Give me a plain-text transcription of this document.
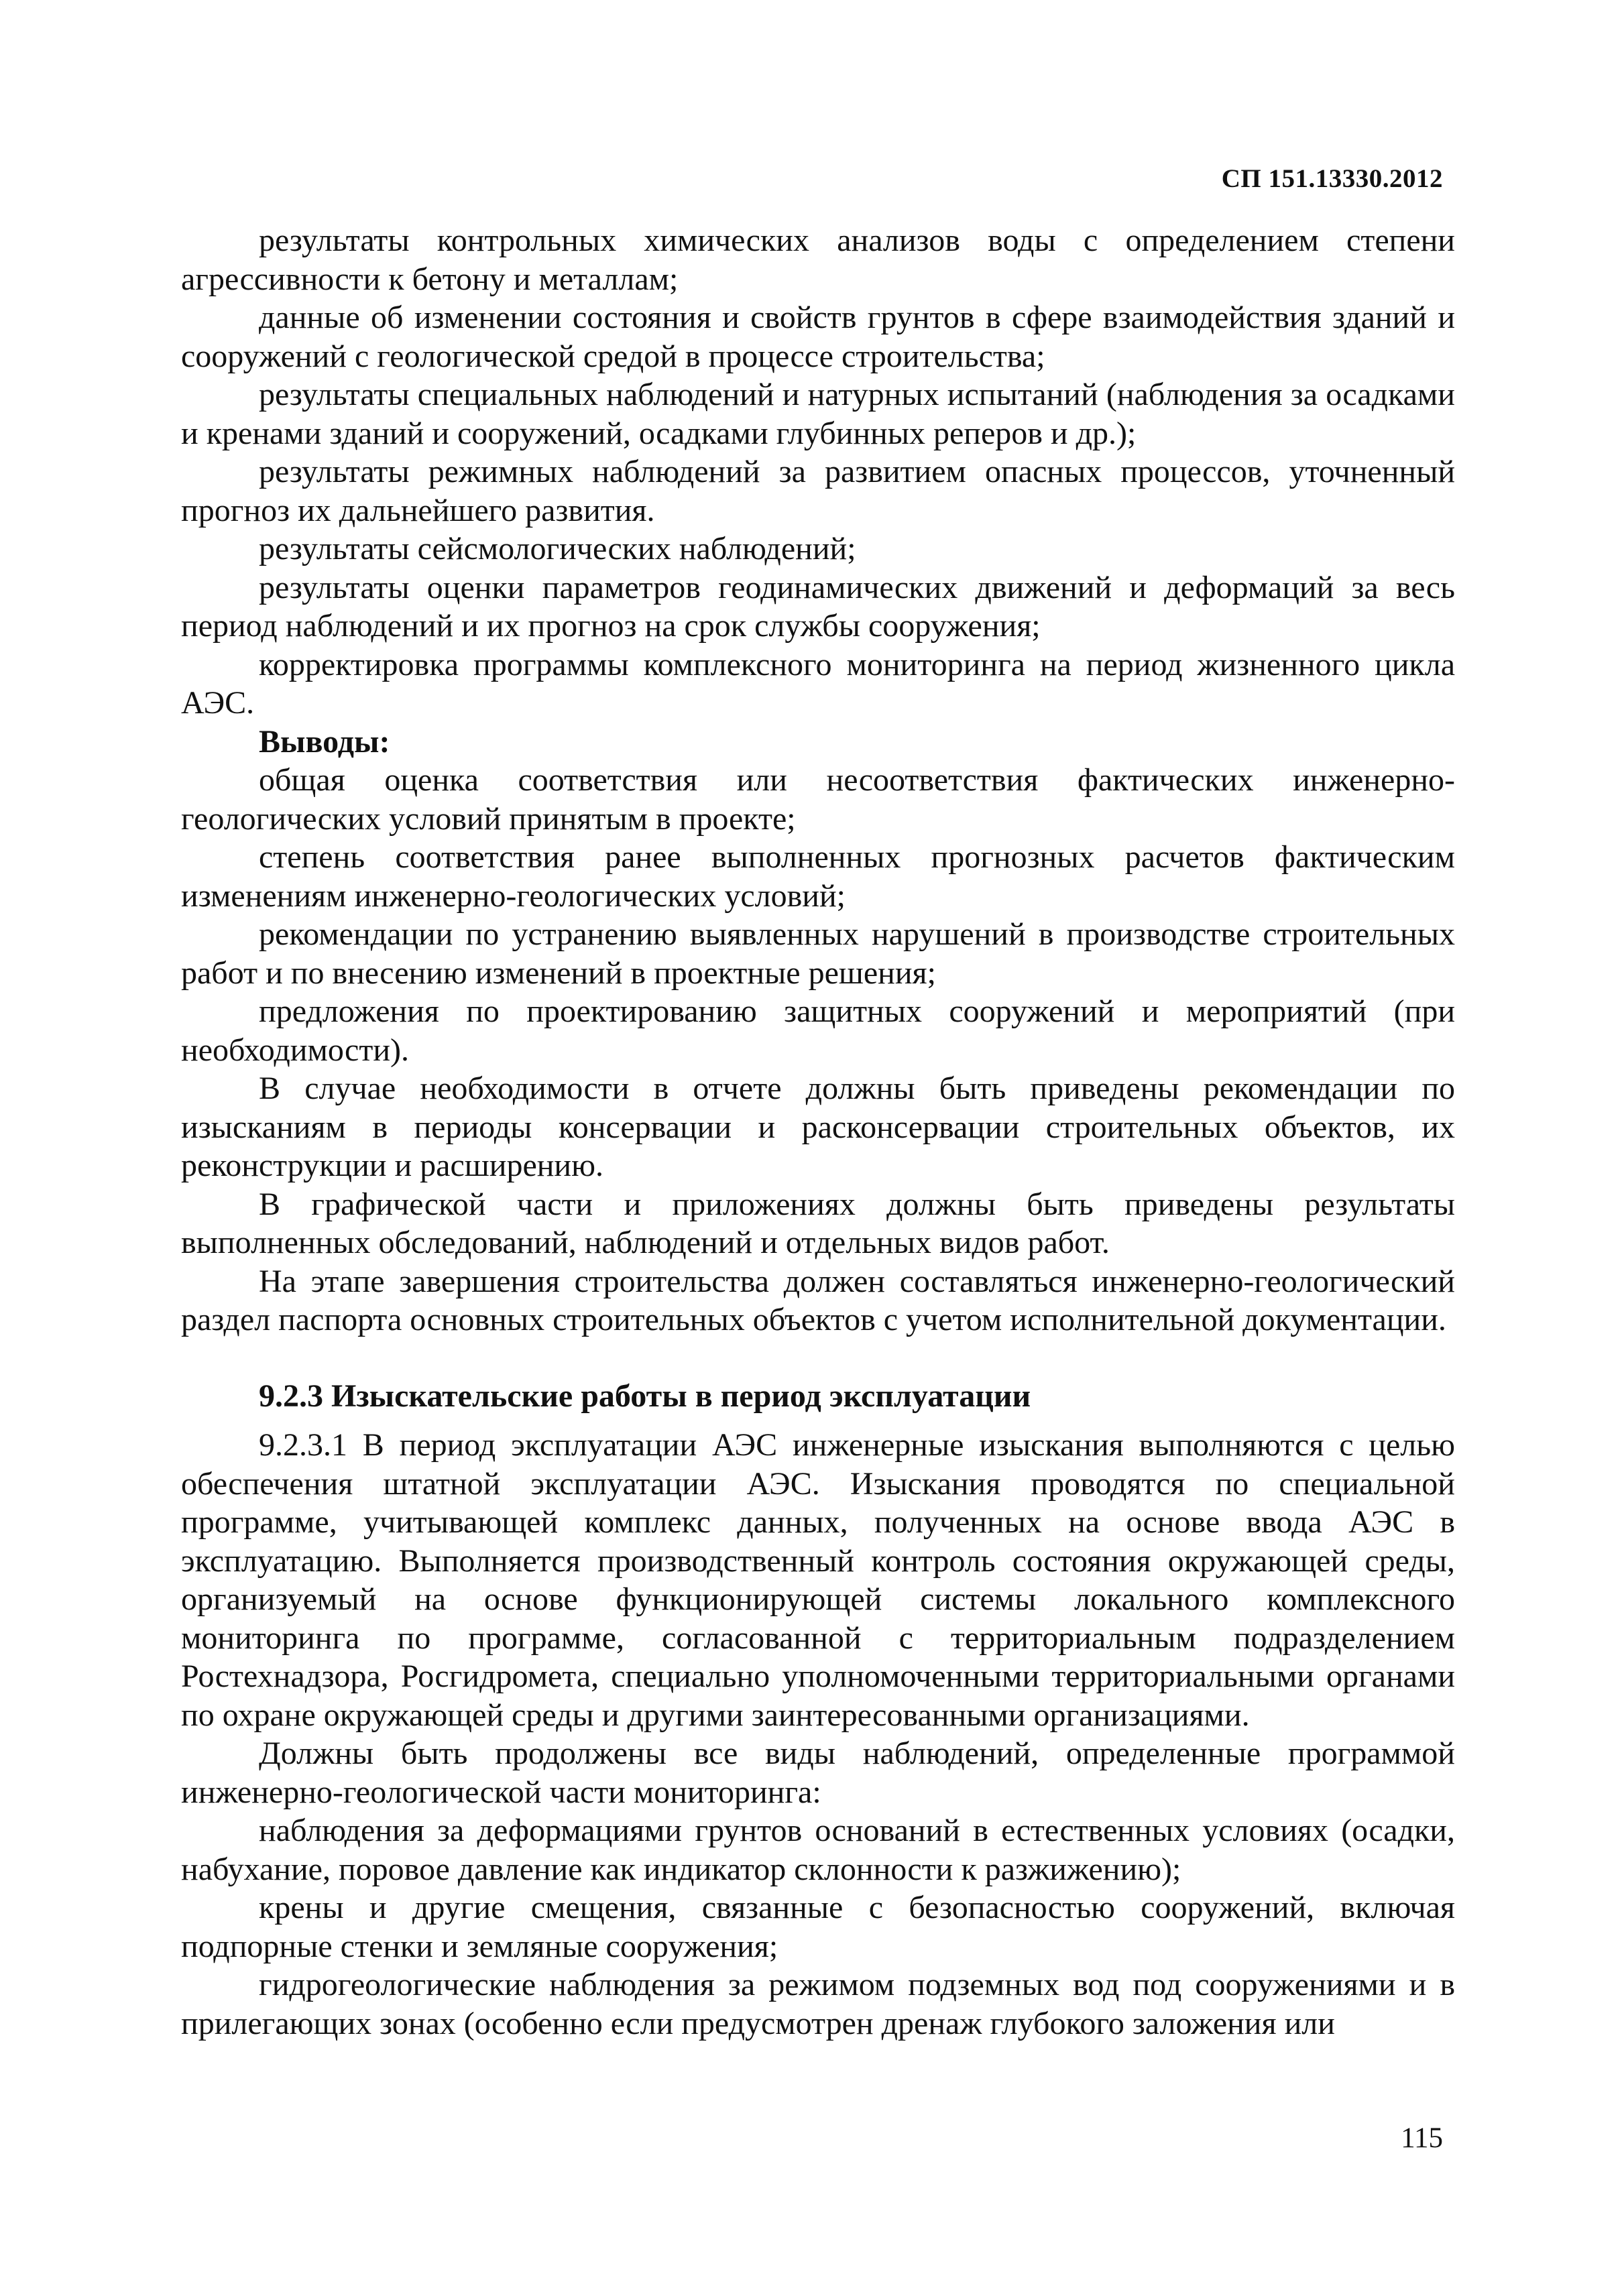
СП 151.13330.2012

результаты контрольных химических анализов воды с определением степени агрессивности к бетону и металлам;

данные об изменении состояния и свойств грунтов в сфере взаимодействия зданий и сооружений с геологической средой в процессе строительства;

результаты специальных наблюдений и натурных испытаний (наблюдения за осадками и кренами зданий и сооружений, осадками глубинных реперов и др.);

результаты режимных наблюдений за развитием опасных процессов, уточненный прогноз их дальнейшего развития.

результаты сейсмологических наблюдений;

результаты оценки параметров геодинамических движений и деформаций за весь период наблюдений и их прогноз на срок службы сооружения;

корректировка программы комплексного мониторинга на период жизненного цикла АЭС.

Выводы:

общая оценка соответствия или несоответствия фактических инженерно-геологических условий принятым в проекте;

степень соответствия ранее выполненных прогнозных расчетов фактическим изменениям инженерно-геологических условий;

рекомендации по устранению выявленных нарушений в производстве строительных работ и по внесению изменений в проектные решения;

предложения по проектированию защитных сооружений и мероприятий (при необходимости).

В случае необходимости в отчете должны быть приведены рекомендации по изысканиям в периоды консервации и расконсервации строительных объектов, их реконструкции и расширению.

В графической части и приложениях должны быть приведены результаты выполненных обследований, наблюдений и отдельных видов работ.

На этапе завершения строительства должен составляться инженерно-геологический раздел паспорта основных строительных объектов с учетом исполнительной документации.

9.2.3 Изыскательские работы в период эксплуатации

9.2.3.1 В период эксплуатации АЭС инженерные изыскания выполняются с целью обеспечения штатной эксплуатации АЭС. Изыскания проводятся по специальной программе, учитывающей комплекс данных, полученных на основе ввода АЭС в эксплуатацию. Выполняется производственный контроль состояния окружающей среды, организуемый на основе функционирующей системы локального комплексного мониторинга по программе, согласованной с территориальным подразделением Ростехнадзора, Росгидромета, специально уполномоченными территориальными органами по охране окружающей среды и другими заинтересованными организациями.

Должны быть продолжены все виды наблюдений, определенные программой инженерно-геологической части мониторинга:

наблюдения за деформациями грунтов оснований в естественных условиях (осадки, набухание, поровое давление как индикатор склонности к разжижению);

крены и другие смещения, связанные с безопасностью сооружений, включая подпорные стенки и земляные сооружения;

гидрогеологические наблюдения за режимом подземных вод под сооружениями и в прилегающих зонах (особенно если предусмотрен дренаж глубокого заложения или

115
